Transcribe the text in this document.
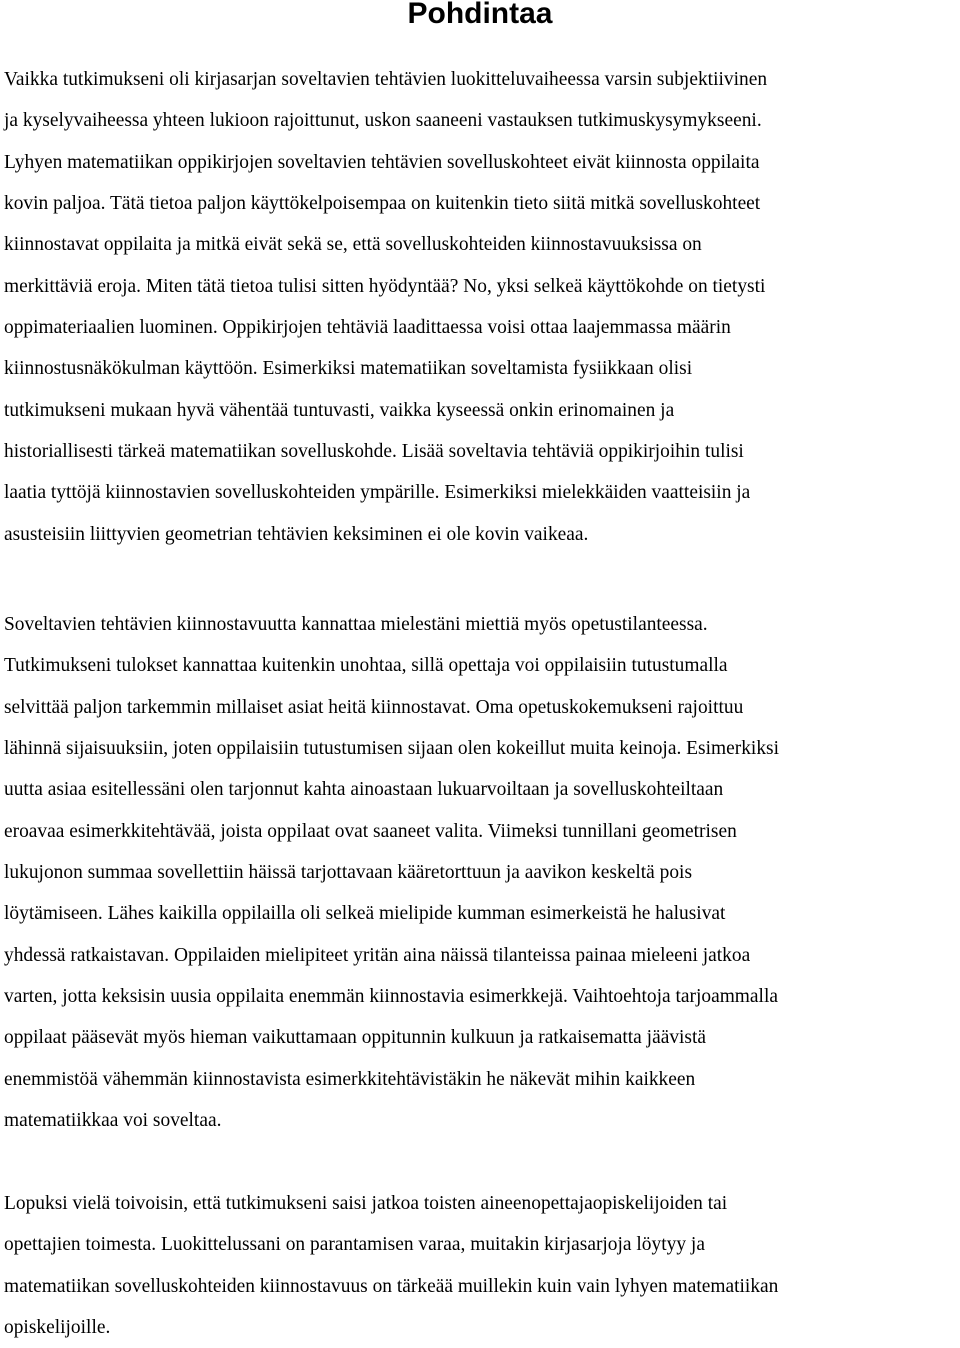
Pohdintaa

Vaikka tutkimukseni oli kirjasarjan soveltavien tehtävien luokitteluvaiheessa varsin subjektiivinen
ja kyselyvaiheessa yhteen lukioon rajoittunut, uskon saaneeni vastauksen tutkimuskysymykseeni.
Lyhyen matematiikan oppikirjojen soveltavien tehtävien sovelluskohteet eivät kiinnosta oppilaita
kovin paljoa. Tätä tietoa paljon käyttökelpoisempaa on kuitenkin tieto siitä mitkä sovelluskohteet
kiinnostavat oppilaita ja mitkä eivät sekä se, että sovelluskohteiden kiinnostavuuksissa on
merkittäviä eroja. Miten tätä tietoa tulisi sitten hyödyntää? No, yksi selkeä käyttökohde on tietysti
oppimateriaalien luominen. Oppikirjojen tehtäviä laadittaessa voisi ottaa laajemmassa määrin
kiinnostusnäkökulman käyttöön. Esimerkiksi matematiikan soveltamista fysiikkaan olisi
tutkimukseni mukaan hyvä vähentää tuntuvasti, vaikka kyseessä onkin erinomainen ja
historiallisesti tärkeä matematiikan sovelluskohde. Lisää soveltavia tehtäviä oppikirjoihin tulisi
laatia tyttöjä kiinnostavien sovelluskohteiden ympärille. Esimerkiksi mielekkäiden vaatteisiin ja
asusteisiin liittyvien geometrian tehtävien keksiminen ei ole kovin vaikeaa.

Soveltavien tehtävien kiinnostavuutta kannattaa mielestäni miettiä myös opetustilanteessa.
Tutkimukseni tulokset kannattaa kuitenkin unohtaa, sillä opettaja voi oppilaisiin tutustumalla
selvittää paljon tarkemmin millaiset asiat heitä kiinnostavat. Oma opetuskokemukseni rajoittuu
lähinnä sijaisuuksiin, joten oppilaisiin tutustumisen sijaan olen kokeillut muita keinoja. Esimerkiksi
uutta asiaa esitellessäni olen tarjonnut kahta ainoastaan lukuarvoiltaan ja sovelluskohteiltaan
eroavaa esimerkkitehtävää, joista oppilaat ovat saaneet valita. Viimeksi tunnillani geometrisen
lukujonon summaa sovellettiin häissä tarjottavaan kääretorttuun ja aavikon keskeltä pois
löytämiseen. Lähes kaikilla oppilailla oli selkeä mielipide kumman esimerkeistä he halusivat
yhdessä ratkaistavan. Oppilaiden mielipiteet yritän aina näissä tilanteissa painaa mieleeni jatkoa
varten, jotta keksisin uusia oppilaita enemmän kiinnostavia esimerkkejä. Vaihtoehtoja tarjoammalla
oppilaat pääsevät myös hieman vaikuttamaan oppitunnin kulkuun ja ratkaisematta jäävistä
enemmistöä vähemmän kiinnostavista esimerkkitehtävistäkin he näkevät mihin kaikkeen
matematiikkaa voi soveltaa.

Lopuksi vielä toivoisin, että tutkimukseni saisi jatkoa toisten aineenopettajaopiskelijoiden tai
opettajien toimesta. Luokittelussani on parantamisen varaa, muitakin kirjasarjoja löytyy ja
matematiikan sovelluskohteiden kiinnostavuus on tärkeää muillekin kuin vain lyhyen matematiikan
opiskelijoille.
